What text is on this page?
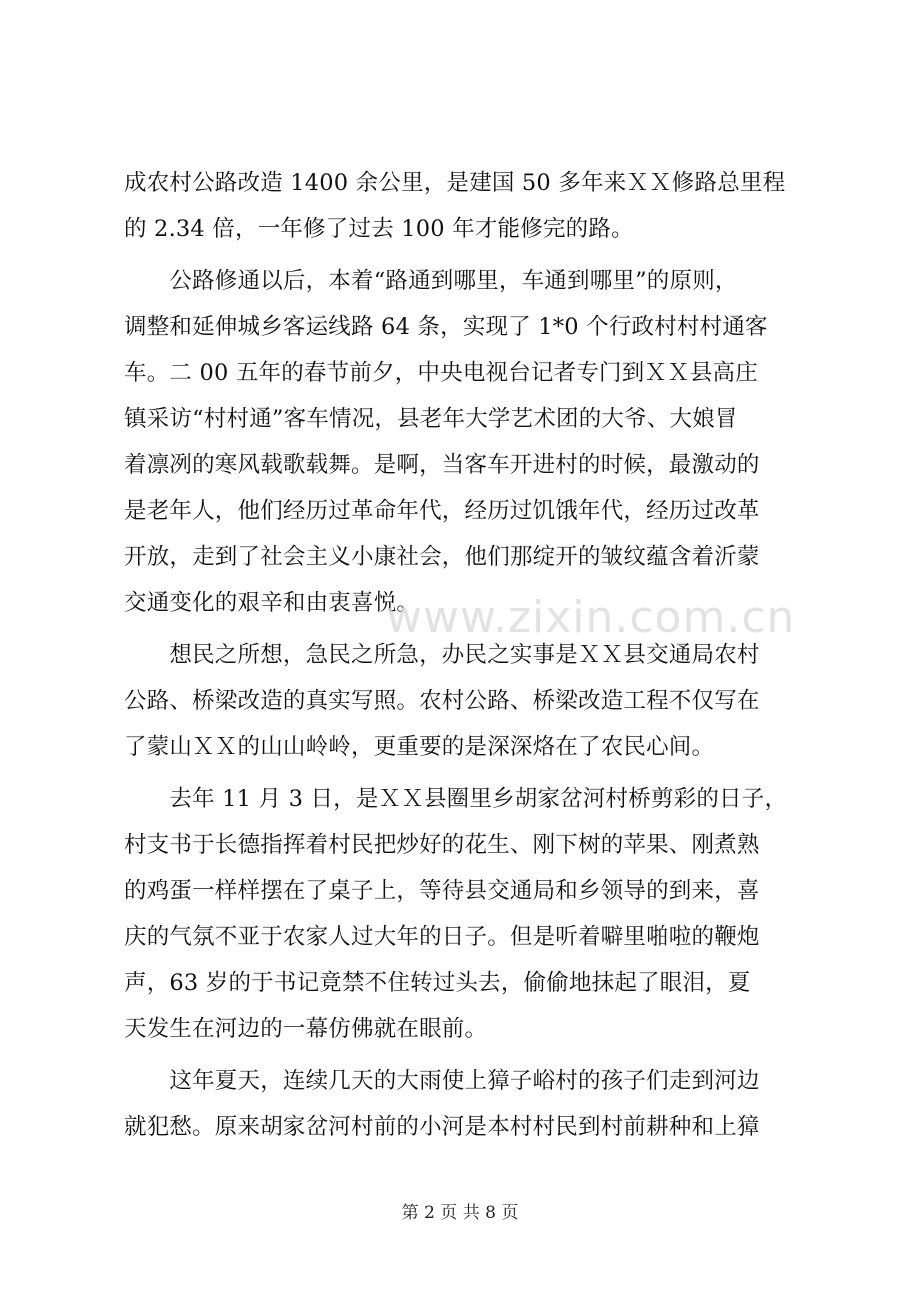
成农村公路改造 1400 余公里，是建国 50 多年来ＸＸ修路总里程
的 2.34 倍，一年修了过去 100 年才能修完的路。
　　公路修通以后，本着“路通到哪里，车通到哪里”的原则，
调整和延伸城乡客运线路 64 条，实现了 1*0 个行政村村村通客
车。二 00 五年的春节前夕，中央电视台记者专门到ＸＸ县高庄
镇采访“村村通”客车情况，县老年大学艺术团的大爷、大娘冒
着凛冽的寒风载歌载舞。是啊，当客车开进村的时候，最激动的
是老年人，他们经历过革命年代，经历过饥饿年代，经历过改革
开放，走到了社会主义小康社会，他们那绽开的皱纹蕴含着沂蒙
交通变化的艰辛和由衷喜悦。
　　想民之所想，急民之所急，办民之实事是ＸＸ县交通局农村
公路、桥梁改造的真实写照。农村公路、桥梁改造工程不仅写在
了蒙山ＸＸ的山山岭岭，更重要的是深深烙在了农民心间。
　　去年 11 月 3 日，是ＸＸ县圈里乡胡家岔河村桥剪彩的日子，
村支书于长德指挥着村民把炒好的花生、刚下树的苹果、刚煮熟
的鸡蛋一样样摆在了桌子上，等待县交通局和乡领导的到来，喜
庆的气氛不亚于农家人过大年的日子。但是听着噼里啪啦的鞭炮
声，63 岁的于书记竟禁不住转过头去，偷偷地抹起了眼泪，夏
天发生在河边的一幕仿佛就在眼前。
　　这年夏天，连续几天的大雨使上獐子峪村的孩子们走到河边
就犯愁。原来胡家岔河村前的小河是本村村民到村前耕种和上獐
www.zixin.com.cn
第 2 页 共 8 页
